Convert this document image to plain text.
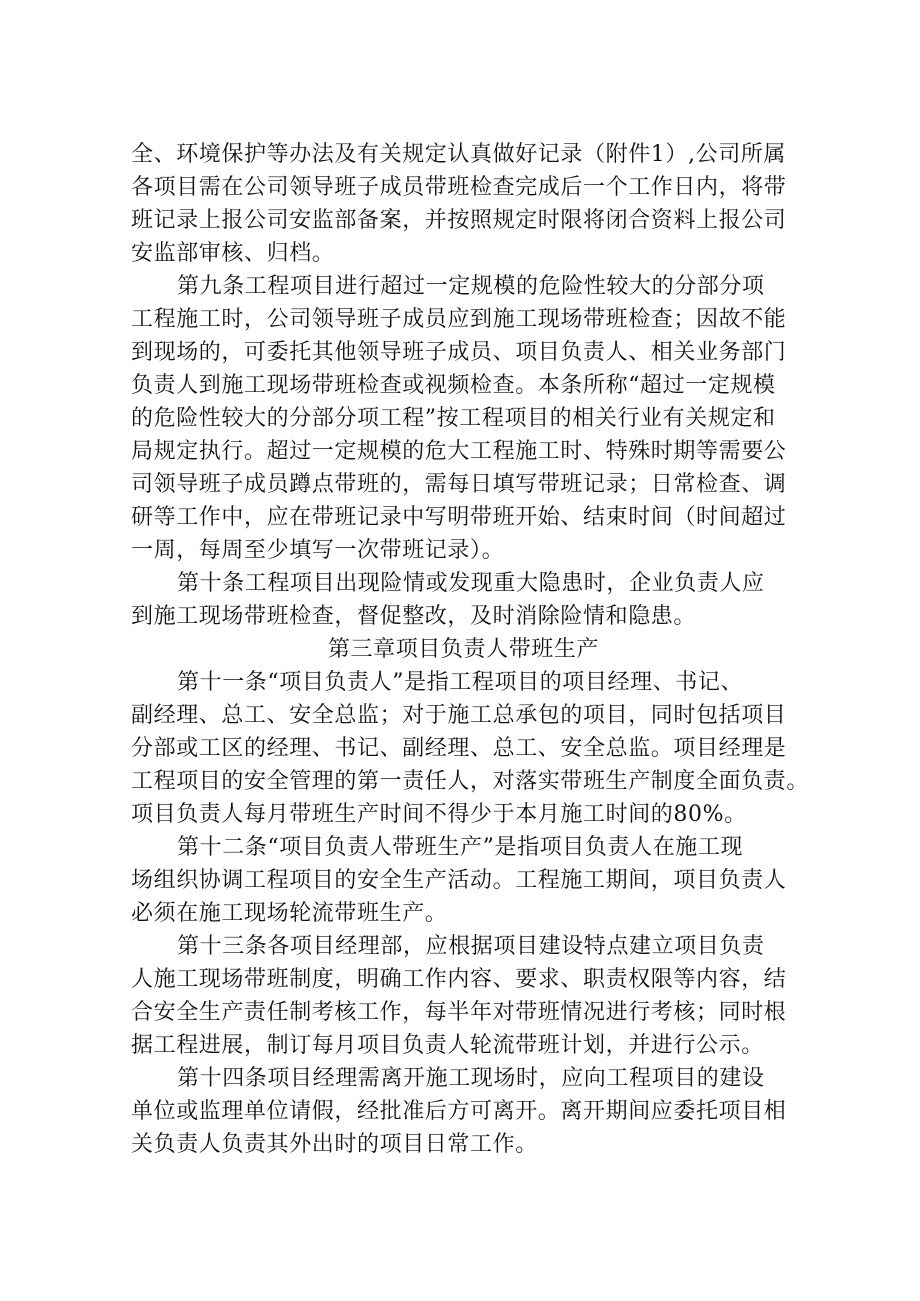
全、环境保护等办法及有关规定认真做好记录（附件1）,公司所属
各项目需在公司领导班子成员带班检查完成后一个工作日内，将带
班记录上报公司安监部备案，并按照规定时限将闭合资料上报公司
安监部审核、归档。
第九条工程项目进行超过一定规模的危险性较大的分部分项
工程施工时，公司领导班子成员应到施工现场带班检查；因故不能
到现场的，可委托其他领导班子成员、项目负责人、相关业务部门
负责人到施工现场带班检查或视频检查。本条所称“超过一定规模
的危险性较大的分部分项工程”按工程项目的相关行业有关规定和
局规定执行。超过一定规模的危大工程施工时、特殊时期等需要公
司领导班子成员蹲点带班的，需每日填写带班记录；日常检查、调
研等工作中，应在带班记录中写明带班开始、结束时间（时间超过
一周，每周至少填写一次带班记录）。
第十条工程项目出现险情或发现重大隐患时，企业负责人应
到施工现场带班检查，督促整改，及时消除险情和隐患。
第三章项目负责人带班生产
第十一条“项目负责人”是指工程项目的项目经理、书记、
副经理、总工、安全总监；对于施工总承包的项目，同时包括项目
分部或工区的经理、书记、副经理、总工、安全总监。项目经理是
工程项目的安全管理的第一责任人，对落实带班生产制度全面负责。
项目负责人每月带班生产时间不得少于本月施工时间的80%。
第十二条“项目负责人带班生产”是指项目负责人在施工现
场组织协调工程项目的安全生产活动。工程施工期间，项目负责人
必须在施工现场轮流带班生产。
第十三条各项目经理部，应根据项目建设特点建立项目负责
人施工现场带班制度，明确工作内容、要求、职责权限等内容，结
合安全生产责任制考核工作，每半年对带班情况进行考核；同时根
据工程进展，制订每月项目负责人轮流带班计划，并进行公示。
第十四条项目经理需离开施工现场时，应向工程项目的建设
单位或监理单位请假，经批准后方可离开。离开期间应委托项目相
关负责人负责其外出时的项目日常工作。
